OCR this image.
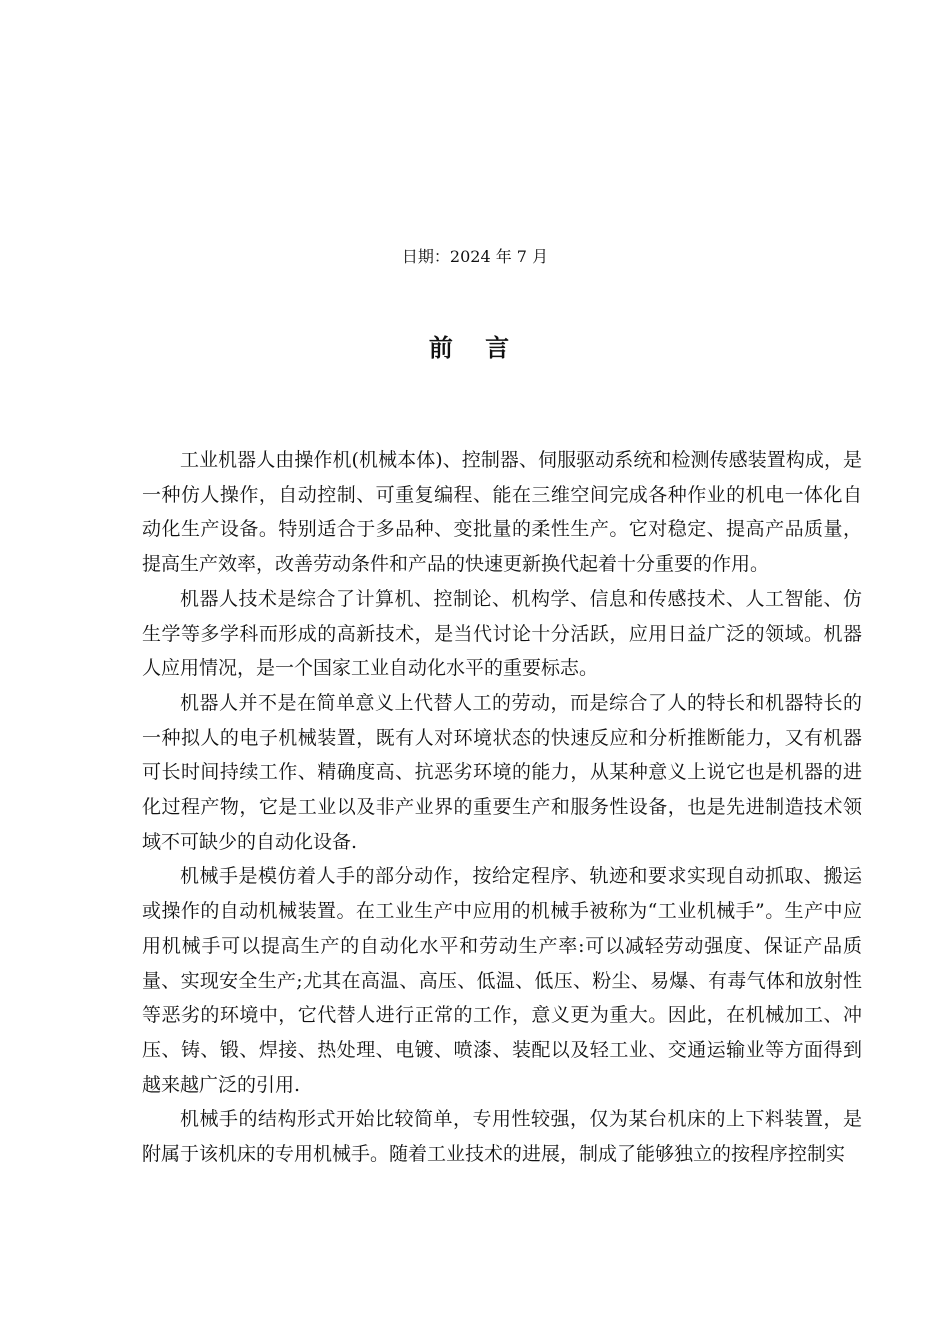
日期：2024 年 7 月
前 言

工业机器人由操作机(机械本体)、控制器、伺服驱动系统和检测传感装置构成，是一种仿人操作，自动控制、可重复编程、能在三维空间完成各种作业的机电一体化自动化生产设备。特别适合于多品种、变批量的柔性生产。它对稳定、提高产品质量，提高生产效率，改善劳动条件和产品的快速更新换代起着十分重要的作用。

机器人技术是综合了计算机、控制论、机构学、信息和传感技术、人工智能、仿生学等多学科而形成的高新技术，是当代讨论十分活跃，应用日益广泛的领域。机器人应用情况，是一个国家工业自动化水平的重要标志。

机器人并不是在简单意义上代替人工的劳动，而是综合了人的特长和机器特长的一种拟人的电子机械装置，既有人对环境状态的快速反应和分析推断能力，又有机器可长时间持续工作、精确度高、抗恶劣环境的能力，从某种意义上说它也是机器的进化过程产物，它是工业以及非产业界的重要生产和服务性设备，也是先进制造技术领域不可缺少的自动化设备.

机械手是模仿着人手的部分动作，按给定程序、轨迹和要求实现自动抓取、搬运或操作的自动机械装置。在工业生产中应用的机械手被称为“工业机械手”。生产中应用机械手可以提高生产的自动化水平和劳动生产率:可以减轻劳动强度、保证产品质量、实现安全生产;尤其在高温、高压、低温、低压、粉尘、易爆、有毒气体和放射性等恶劣的环境中，它代替人进行正常的工作，意义更为重大。因此，在机械加工、冲压、铸、锻、焊接、热处理、电镀、喷漆、装配以及轻工业、交通运输业等方面得到越来越广泛的引用.

机械手的结构形式开始比较简单，专用性较强，仅为某台机床的上下料装置，是附属于该机床的专用机械手。随着工业技术的进展，制成了能够独立的按程序控制实
